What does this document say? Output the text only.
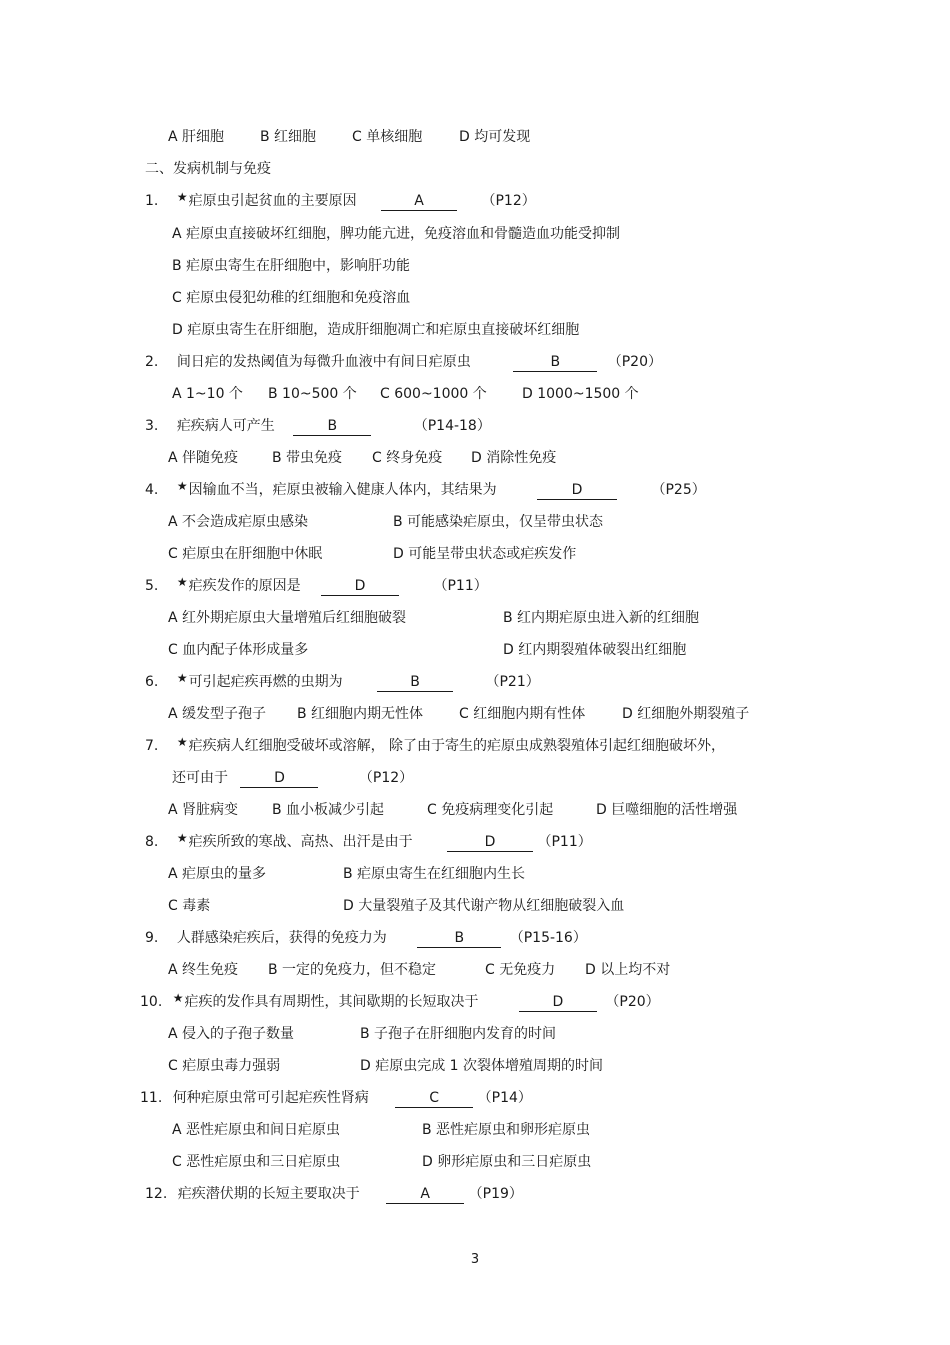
A 肝细胞	B 红细胞	C 单核细胞	D 均可发现
二、发病机制与免疫
1. ★疟原虫引起贫血的主要原因	A	（P12）
A 疟原虫直接破坏红细胞，脾功能亢进，免疫溶血和骨髓造血功能受抑制
B 疟原虫寄生在肝细胞中，影响肝功能
C 疟原虫侵犯幼稚的红细胞和免疫溶血
D 疟原虫寄生在肝细胞，造成肝细胞凋亡和疟原虫直接破坏红细胞
2. 间日疟的发热阈值为每微升血液中有间日疟原虫	B	（P20）
A 1~10 个 B 10~500 个 C 600~1000 个	D 1000~1500 个
3. 疟疾病人可产生	B	（P14-18）
A 伴随免疫 B 带虫免疫 C 终身免疫 D 消除性免疫
4. ★因输血不当，疟原虫被输入健康人体内，其结果为	D	（P25）
A 不会造成疟原虫感染	B 可能感染疟原虫，仅呈带虫状态
C 疟原虫在肝细胞中休眠	D 可能呈带虫状态或疟疾发作
5. ★疟疾发作的原因是	D	（P11）
A 红外期疟原虫大量增殖后红细胞破裂	B 红内期疟原虫进入新的红细胞
C 血内配子体形成量多	D 红内期裂殖体破裂出红细胞
6. ★可引起疟疾再燃的虫期为	B	（P21）
A 缓发型子孢子 B 红细胞内期无性体	C 红细胞内期有性体	D 红细胞外期裂殖子
7. ★疟疾病人红细胞受破坏或溶解， 除了由于寄生的疟原虫成熟裂殖体引起红细胞破坏外，
还可由于	D	（P12）
A 肾脏病变 B 血小板减少引起	C 免疫病理变化引起	D 巨噬细胞的活性增强
8. ★疟疾所致的寒战、高热、出汗是由于	D	（P11）
A 疟原虫的量多	B 疟原虫寄生在红细胞内生长
C 毒素	D 大量裂殖子及其代谢产物从红细胞破裂入血
9. 人群感染疟疾后，获得的免疫力为	B	（P15-16）
A 终生免疫 B 一定的免疫力，但不稳定	C 无免疫力 D 以上均不对
10. ★疟疾的发作具有周期性，其间歇期的长短取决于	D	（P20）
A 侵入的子孢子数量	B 子孢子在肝细胞内发育的时间
C 疟原虫毒力强弱	D 疟原虫完成 1 次裂体增殖周期的时间
11. 何种疟原虫常可引起疟疾性肾病	C	（P14）
A 恶性疟原虫和间日疟原虫	B 恶性疟原虫和卵形疟原虫
C 恶性疟原虫和三日疟原虫	D 卵形疟原虫和三日疟原虫
12. 疟疾潜伏期的长短主要取决于	A	（P19）
3
